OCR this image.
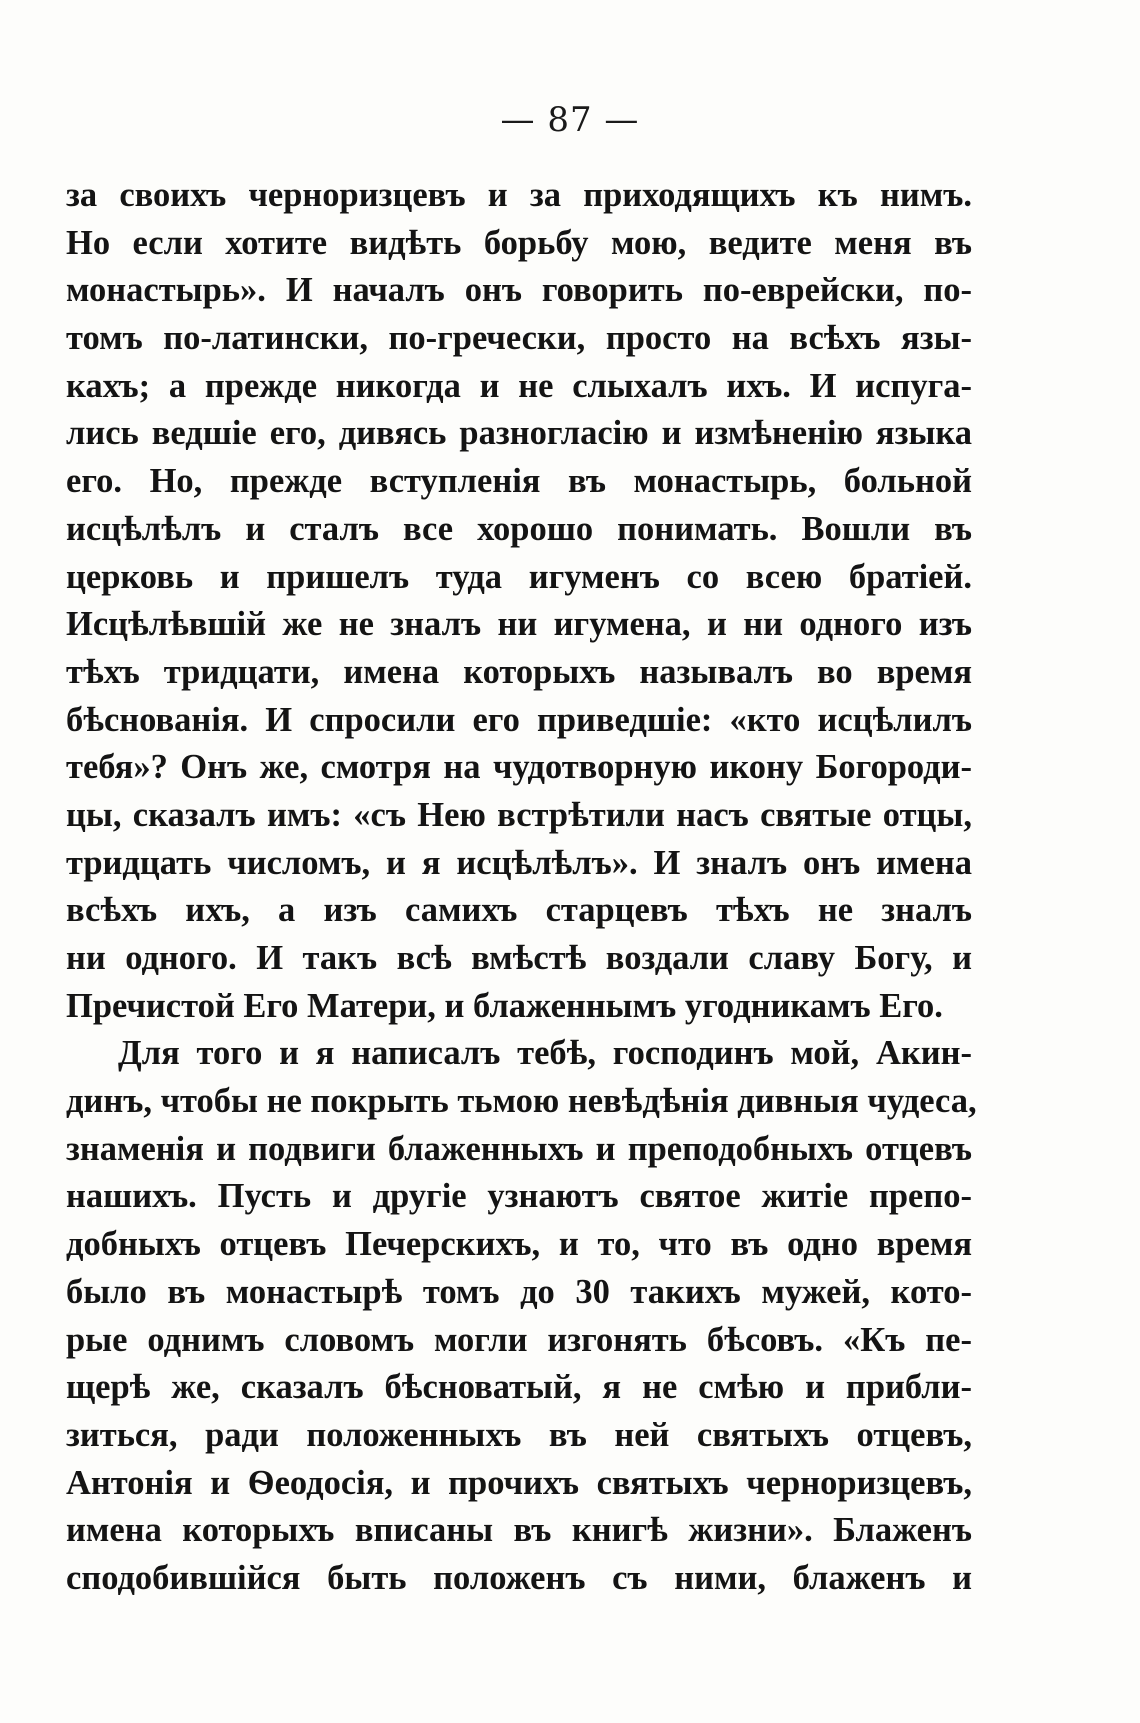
— 87 —
за своихъ черноризцевъ и за приходящихъ къ нимъ.
Но если хотите видѣть борьбу мою, ведите меня въ
монастырь». И началъ онъ говорить по-еврейски, по-
томъ по-латински, по-гречески, просто на всѣхъ язы-
кахъ; а прежде никогда и не слыхалъ ихъ. И испуга-
лись ведшіе его, дивясь разногласію и измѣненію языка
его. Но, прежде вступленія въ монастырь, больной
исцѣлѣлъ и сталъ все хорошо понимать. Вошли въ
церковь и пришелъ туда игуменъ со всею братіей.
Исцѣлѣвшій же не зналъ ни игумена, и ни одного изъ
тѣхъ тридцати, имена которыхъ называлъ во время
бѣснованія. И спросили его приведшіе: «кто исцѣлилъ
тебя»? Онъ же, смотря на чудотворную икону Богороди-
цы, сказалъ имъ: «съ Нею встрѣтили насъ святые отцы,
тридцать числомъ, и я исцѣлѣлъ». И зналъ онъ имена
всѣхъ ихъ, а изъ самихъ старцевъ тѣхъ не зналъ
ни одного. И такъ всѣ вмѣстѣ воздали славу Богу, и
Пречистой Его Матери, и блаженнымъ угодникамъ Его.
Для того и я написалъ тебѣ, господинъ мой, Акин-
динъ, чтобы не покрыть тьмою невѣдѣнія дивныя чудеса,
знаменія и подвиги блаженныхъ и преподобныхъ отцевъ
нашихъ. Пусть и другіе узнаютъ святое житіе препо-
добныхъ отцевъ Печерскихъ, и то, что въ одно время
было въ монастырѣ томъ до 30 такихъ мужей, кото-
рые однимъ словомъ могли изгонять бѣсовъ. «Къ пе-
щерѣ же, сказалъ бѣсноватый, я не смѣю и прибли-
зиться, ради положенныхъ въ ней святыхъ отцевъ,
Антонія и Ѳеодосія, и прочихъ святыхъ черноризцевъ,
имена которыхъ вписаны въ книгѣ жизни». Блаженъ
сподобившійся быть положенъ съ ними, блаженъ и
